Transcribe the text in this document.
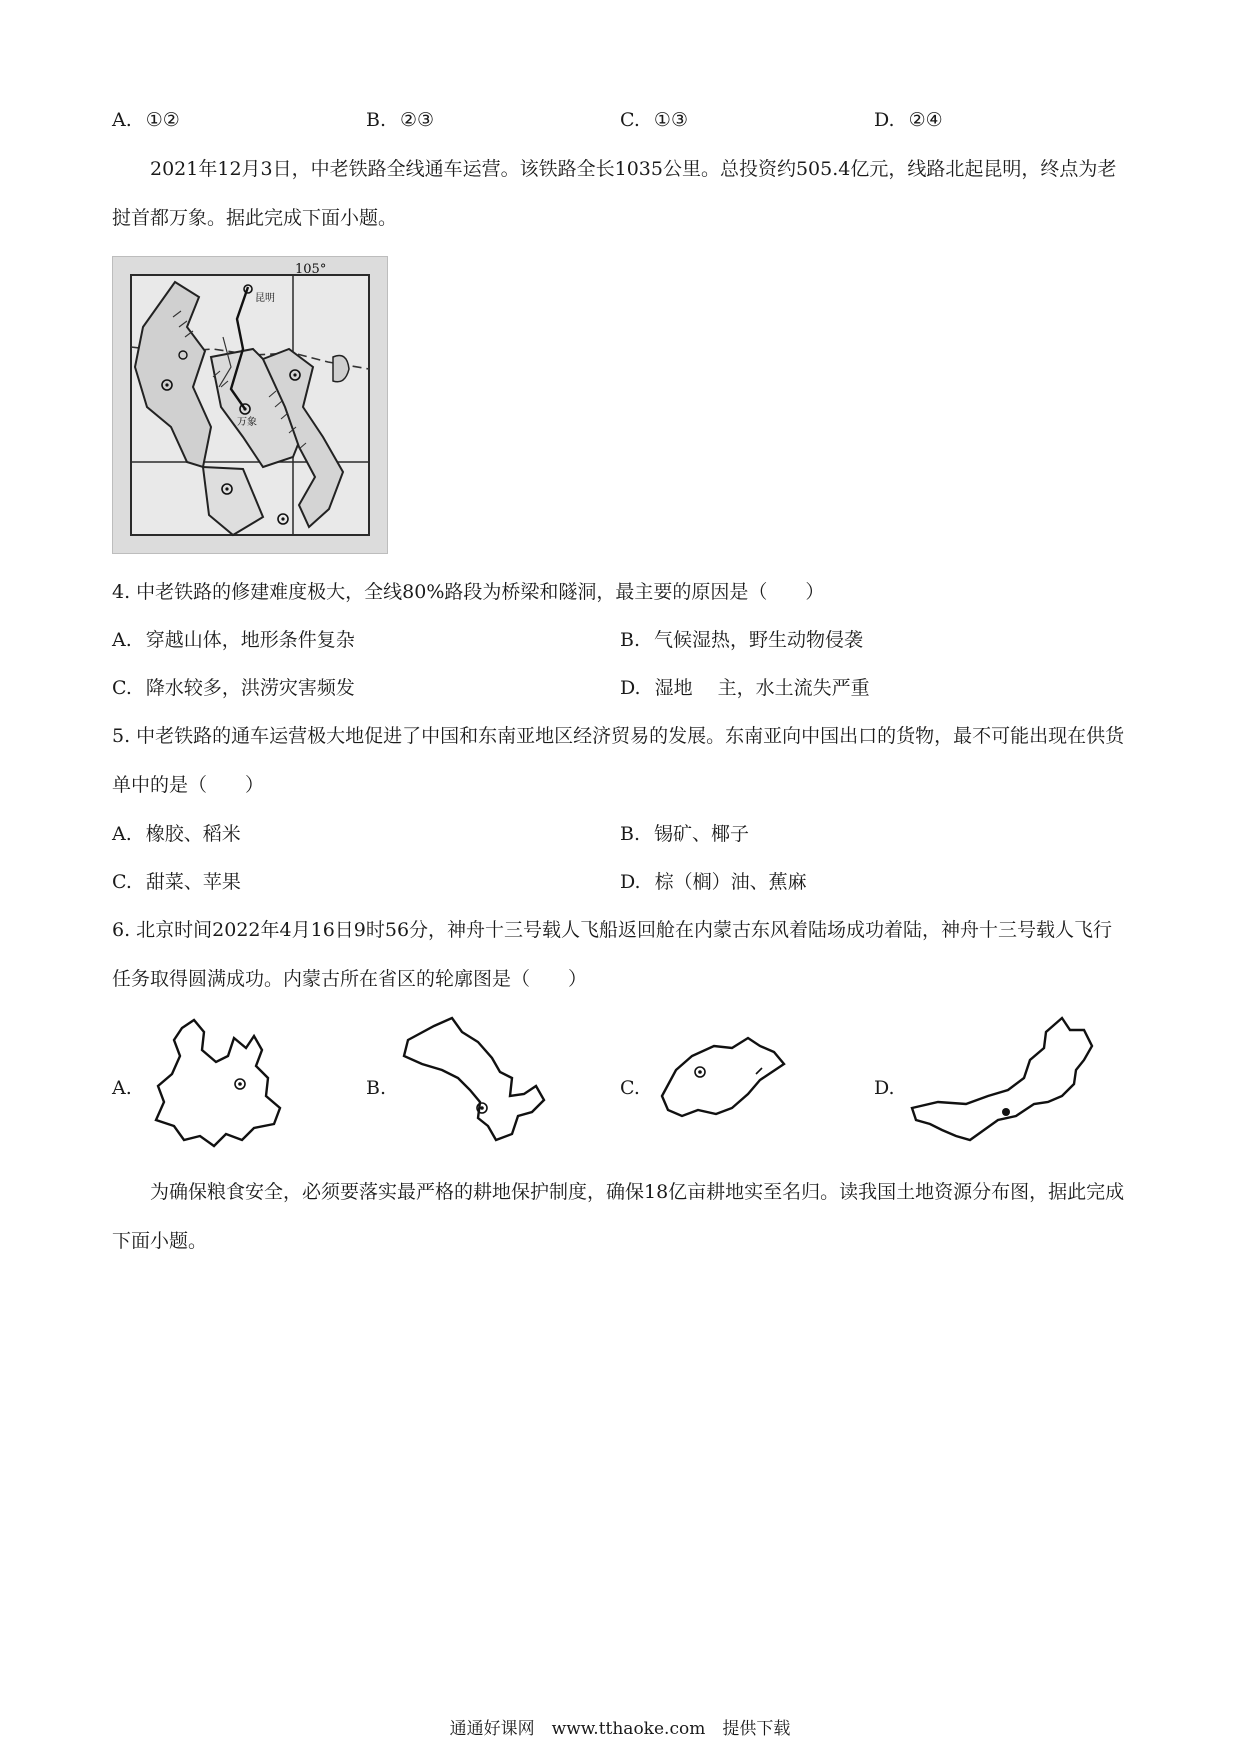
A. ①②	B. ②③	C. ①③	D. ②④
2021年12月3日，中老铁路全线通车运营。该铁路全长1035公里。总投资约505.4亿元，线路北起昆明，终点为老挝首都万象。据此完成下面小题。
105°
昆明
万象
4. 中老铁路的修建难度极大，全线80%路段为桥梁和隧洞，最主要的原因是（　　）
A. 穿越山体，地形条件复杂	B. 气候湿热，野生动物侵袭
C. 降水较多，洪涝灾害频发	D. 湿地　 主，水土流失严重
5. 中老铁路的通车运营极大地促进了中国和东南亚地区经济贸易的发展。东南亚向中国出口的货物，最不可能出现在供货单中的是（　　）
A. 橡胶、稻米	B. 锡矿、椰子
C. 甜菜、苹果	D. 棕（榈）油、蕉麻
6. 北京时间2022年4月16日9时56分，神舟十三号载人飞船返回舱在内蒙古东风着陆场成功着陆，神舟十三号载人飞行任务取得圆满成功。内蒙古所在省区的轮廓图是（　　）
A.	B.	C.	D.
为确保粮食安全，必须要落实最严格的耕地保护制度，确保18亿亩耕地实至名归。读我国土地资源分布图，据此完成下面小题。
通通好课网　www.tthaoke.com　提供下载
